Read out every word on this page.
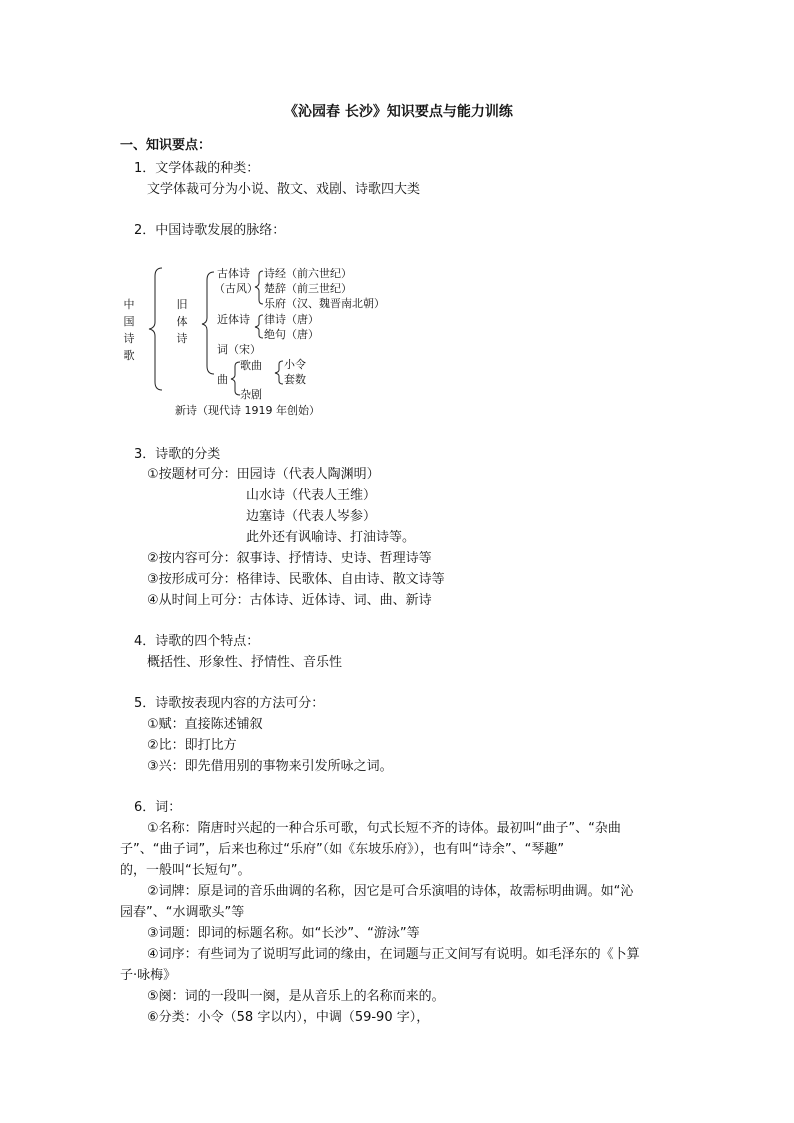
《沁园春 长沙》知识要点与能力训练
一、知识要点：
1．文学体裁的种类：
文学体裁可分为小说、散文、戏剧、诗歌四大类
2．中国诗歌发展的脉络：
中国诗歌
旧体诗
古体诗
（古风）
诗经（前六世纪）
楚辞（前三世纪）
乐府（汉、魏晋南北朝）
近体诗 律诗（唐）
绝句（唐）
词（宋）
歌曲
曲
小令
套数
杂剧
新诗（现代诗 1919 年创始）
3．诗歌的分类
①按题材可分：田园诗（代表人陶渊明）
山水诗（代表人王维）
边塞诗（代表人岑参）
此外还有讽喻诗、打油诗等。
②按内容可分：叙事诗、抒情诗、史诗、哲理诗等
③按形成可分：格律诗、民歌体、自由诗、散文诗等
④从时间上可分：古体诗、近体诗、词、曲、新诗
4．诗歌的四个特点：
概括性、形象性、抒情性、音乐性
5．诗歌按表现内容的方法可分：
①赋：直接陈述铺叙
②比：即打比方
③兴：即先借用别的事物来引发所咏之词。
6．词：
①名称：隋唐时兴起的一种合乐可歌，句式长短不齐的诗体。最初叫“曲子”、“杂曲
子”、“曲子词”，后来也称过“乐府”（如《东坡乐府》），也有叫“诗余”、“琴趣”
的，一般叫“长短句”。
②词牌：原是词的音乐曲调的名称，因它是可合乐演唱的诗体，故需标明曲调。如“沁
园春”、“水调歌头”等
③词题：即词的标题名称。如“长沙”、“游泳”等
④词序：有些词为了说明写此词的缘由，在词题与正文间写有说明。如毛泽东的《卜算
子·咏梅》
⑤阕：词的一段叫一阕，是从音乐上的名称而来的。
⑥分类：小令（58 字以内），中调（59-90 字），
